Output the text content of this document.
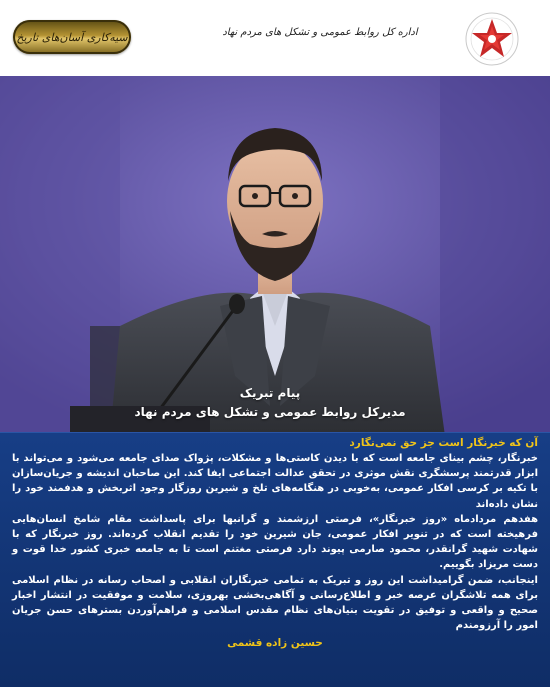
سیه‌کاری آسان‌های تاریخ	اداره کل روابط عمومی و تشکل های مردم نهاد
پیام تبریک
مدیرکل روابط عمومی و تشکل های مردم نهاد

آن که خبرنگار است جز حق نمی‌نگارد

خبرنگار، چشم بینای جامعه است که با دیدن کاستی‌ها و مشکلات، پژواک صدای جامعه می‌شود و می‌تواند با ابزار قدرتمند پرسشگری نقش موثری در تحقق عدالت اجتماعی ایفا کند. این صاحبان اندیشه و جریان‌سازان با تکیه بر کرسی افکار عمومی، به‌خوبی در هنگامه‌های تلخ و شیرین روزگار وجود اثربخش و هدفمند خود را نشان داده‌اند

هفدهم مردادماه «روز خبرنگار»، فرصتی ارزشمند و گرانبها برای پاسداشت مقام شامخ انسان‌هایی فرهیخته است که در تنویر افکار عمومی، جان شیرین خود را تقدیم انقلاب کرده‌اند. روز خبرنگار که با شهادت شهید گرانقدر، محمود صارمی پیوند دارد فرصتی مغتنم است تا به جامعه خبری کشور خدا قوت و دست مریزاد بگوییم.

اینجانب، ضمن گرامیداشت این روز و تبریک به تمامی خبرنگاران انقلابی و اصحاب رسانه در نظام اسلامی برای همه تلاشگران عرصه خبر و اطلاع‌رسانی و آگاهی‌بخشی بهروزی، سلامت و موفقیت در انتشار اخبار صحیح و واقعی و توفیق در تقویت بنیان‌های نظام مقدس اسلامی و فراهم‌آوردن بسترهای حسن جریان امور را آرزومندم

حسین زاده قشمی
